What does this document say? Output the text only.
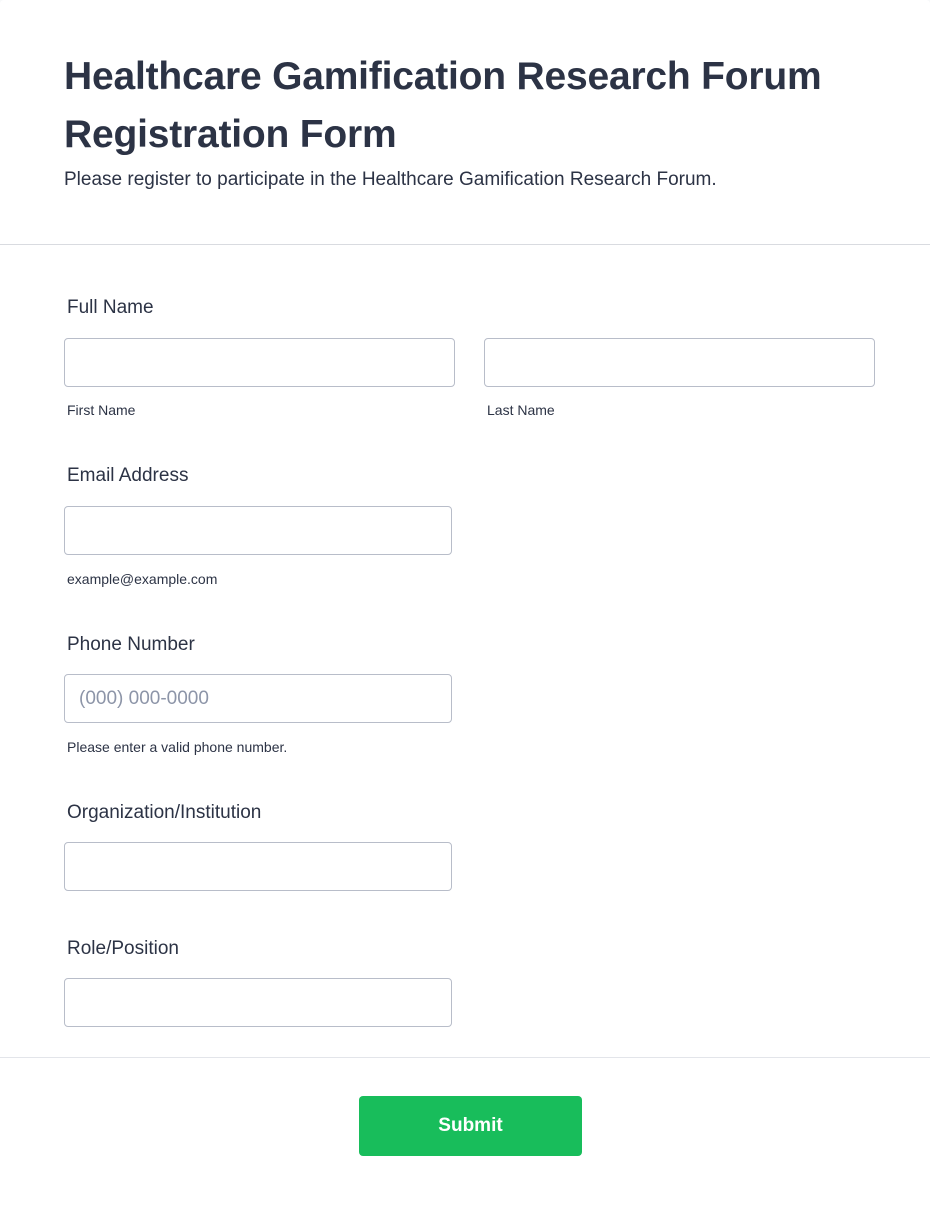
Healthcare Gamification Research Forum Registration Form

Please register to participate in the Healthcare Gamification Research Forum.

Full Name
First Name	Last Name
Email Address
example@example.com
Phone Number
(000) 000-0000
Please enter a valid phone number.
Organization/Institution
Role/Position
Submit
